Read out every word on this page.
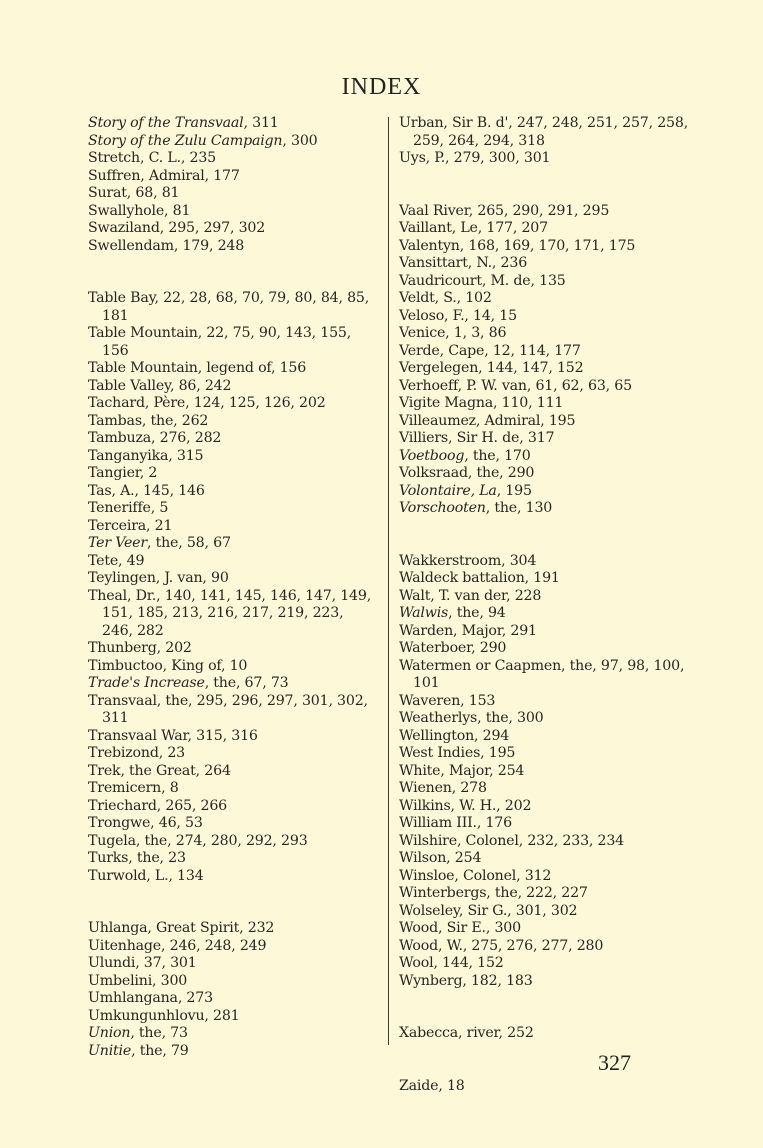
INDEX
Story of the Transvaal, 311
Story of the Zulu Campaign, 300
Stretch, C. L., 235
Suffren, Admiral, 177
Surat, 68, 81
Swallyhole, 81
Swaziland, 295, 297, 302
Swellendam, 179, 248
Table Bay, 22, 28, 68, 70, 79, 80, 84, 85, 181
Table Mountain, 22, 75, 90, 143, 155, 156
Table Mountain, legend of, 156
Table Valley, 86, 242
Tachard, Père, 124, 125, 126, 202
Tambas, the, 262
Tambuza, 276, 282
Tanganyika, 315
Tangier, 2
Tas, A., 145, 146
Teneriffe, 5
Terceira, 21
Ter Veer, the, 58, 67
Tete, 49
Teylingen, J. van, 90
Theal, Dr., 140, 141, 145, 146, 147, 149, 151, 185, 213, 216, 217, 219, 223, 246, 282
Thunberg, 202
Timbuctoo, King of, 10
Trade's Increase, the, 67, 73
Transvaal, the, 295, 296, 297, 301, 302, 311
Transvaal War, 315, 316
Trebizond, 23
Trek, the Great, 264
Tremicern, 8
Triechard, 265, 266
Trongwe, 46, 53
Tugela, the, 274, 280, 292, 293
Turks, the, 23
Turwold, L., 134
Uhlanga, Great Spirit, 232
Uitenhage, 246, 248, 249
Ulundi, 37, 301
Umbelini, 300
Umhlangana, 273
Umkungunhlovu, 281
Union, the, 73
Unitie, the, 79
Urban, Sir B. d', 247, 248, 251, 257, 258, 259, 264, 294, 318
Uys, P., 279, 300, 301
Vaal River, 265, 290, 291, 295
Vaillant, Le, 177, 207
Valentyn, 168, 169, 170, 171, 175
Vansittart, N., 236
Vaudricourt, M. de, 135
Veldt, S., 102
Veloso, F., 14, 15
Venice, 1, 3, 86
Verde, Cape, 12, 114, 177
Vergelegen, 144, 147, 152
Verhoeff, P. W. van, 61, 62, 63, 65
Vigite Magna, 110, 111
Villeaumez, Admiral, 195
Villiers, Sir H. de, 317
Voetboog, the, 170
Volksraad, the, 290
Volontaire, La, 195
Vorschooten, the, 130
Wakkerstroom, 304
Waldeck battalion, 191
Walt, T. van der, 228
Walwis, the, 94
Warden, Major, 291
Waterboer, 290
Watermen or Caapmen, the, 97, 98, 100, 101
Waveren, 153
Weatherlys, the, 300
Wellington, 294
West Indies, 195
White, Major, 254
Wienen, 278
Wilkins, W. H., 202
William III., 176
Wilshire, Colonel, 232, 233, 234
Wilson, 254
Winsloe, Colonel, 312
Winterbergs, the, 222, 227
Wolseley, Sir G., 301, 302
Wood, Sir E., 300
Wood, W., 275, 276, 277, 280
Wool, 144, 152
Wynberg, 182, 183
Xabecca, river, 252
Zaide, 18
327
